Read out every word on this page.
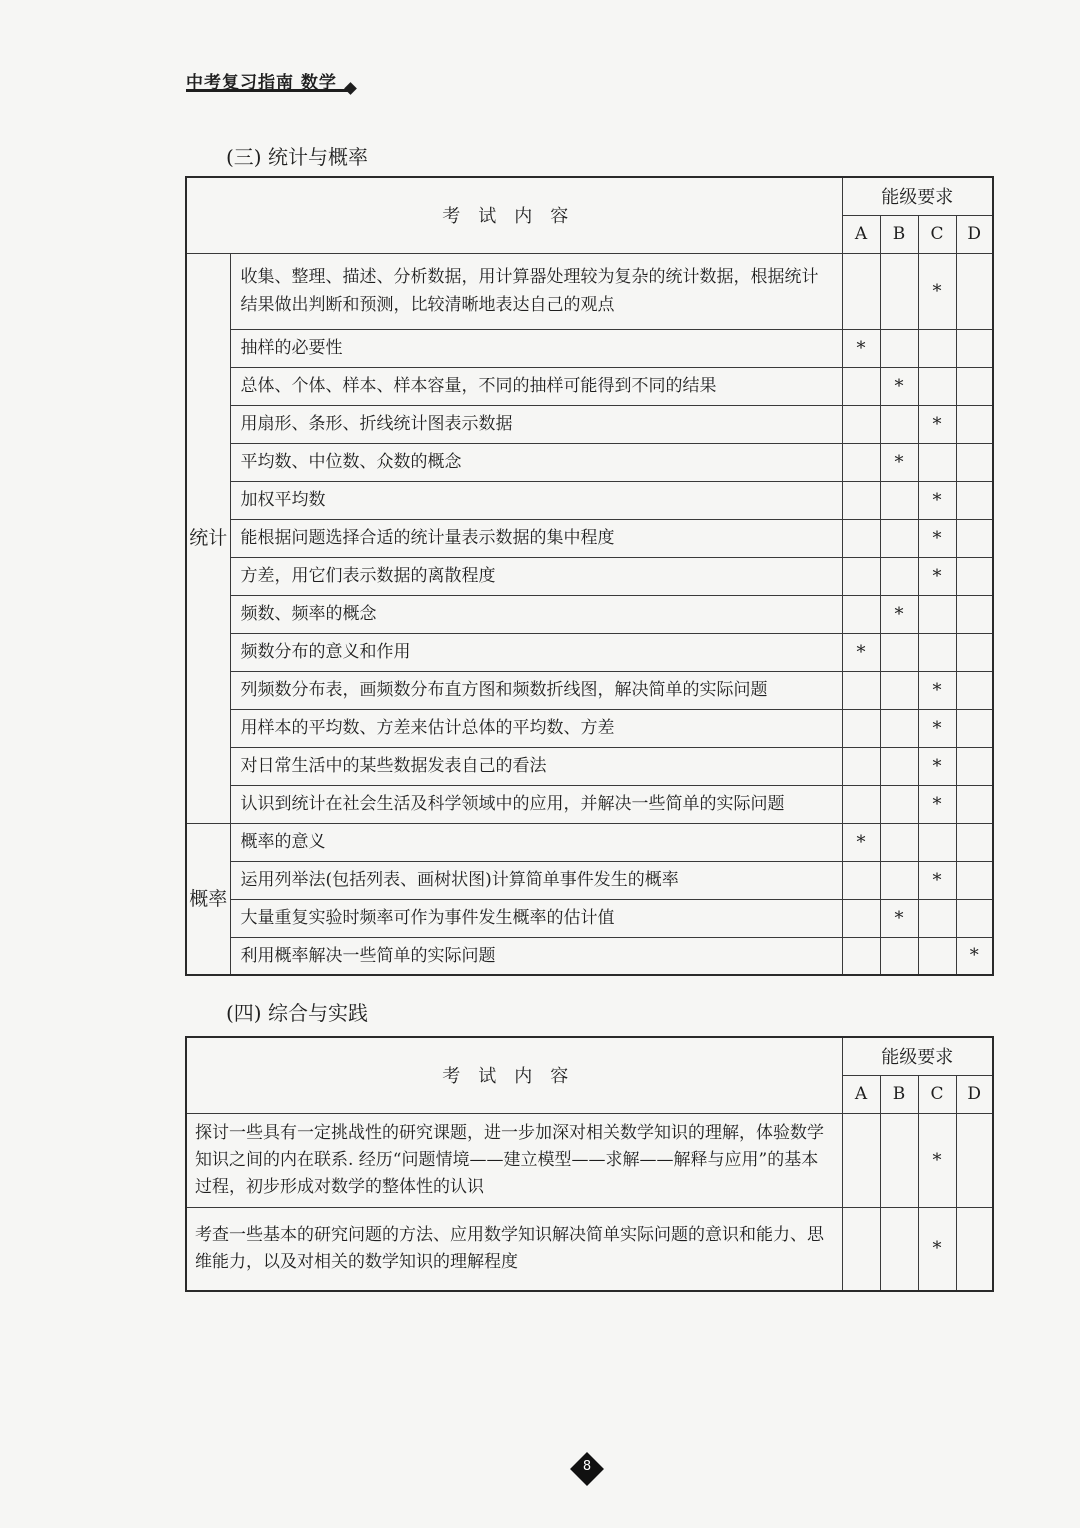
中考复习指南 数学
(三) 统计与概率
考试内容		能级要求			
		A	B	C	D
统计	收集、整理、描述、分析数据，用计算器处理较为复杂的统计数据，根据统计结果做出判断和预测，比较清晰地表达自己的观点			*	
	抽样的必要性	*			
	总体、个体、样本、样本容量，不同的抽样可能得到不同的结果		*		
	用扇形、条形、折线统计图表示数据			*	
	平均数、中位数、众数的概念		*		
	加权平均数			*	
	能根据问题选择合适的统计量表示数据的集中程度			*	
	方差，用它们表示数据的离散程度			*	
	频数、频率的概念		*		
	频数分布的意义和作用	*			
	列频数分布表，画频数分布直方图和频数折线图，解决简单的实际问题			*	
	用样本的平均数、方差来估计总体的平均数、方差			*	
	对日常生活中的某些数据发表自己的看法			*	
	认识到统计在社会生活及科学领域中的应用，并解决一些简单的实际问题			*	
概率	概率的意义	*			
	运用列举法(包括列表、画树状图)计算简单事件发生的概率			*	
	大量重复实验时频率可作为事件发生概率的估计值		*		
	利用概率解决一些简单的实际问题				*
(四) 综合与实践
考试内容	能级要求			
	A	B	C	D
探讨一些具有一定挑战性的研究课题，进一步加深对相关数学知识的理解，体验数学知识之间的内在联系. 经历“问题情境——建立模型——求解——解释与应用”的基本过程，初步形成对数学的整体性的认识			*	
考查一些基本的研究问题的方法、应用数学知识解决简单实际问题的意识和能力、思维能力，以及对相关的数学知识的理解程度			*	
8
